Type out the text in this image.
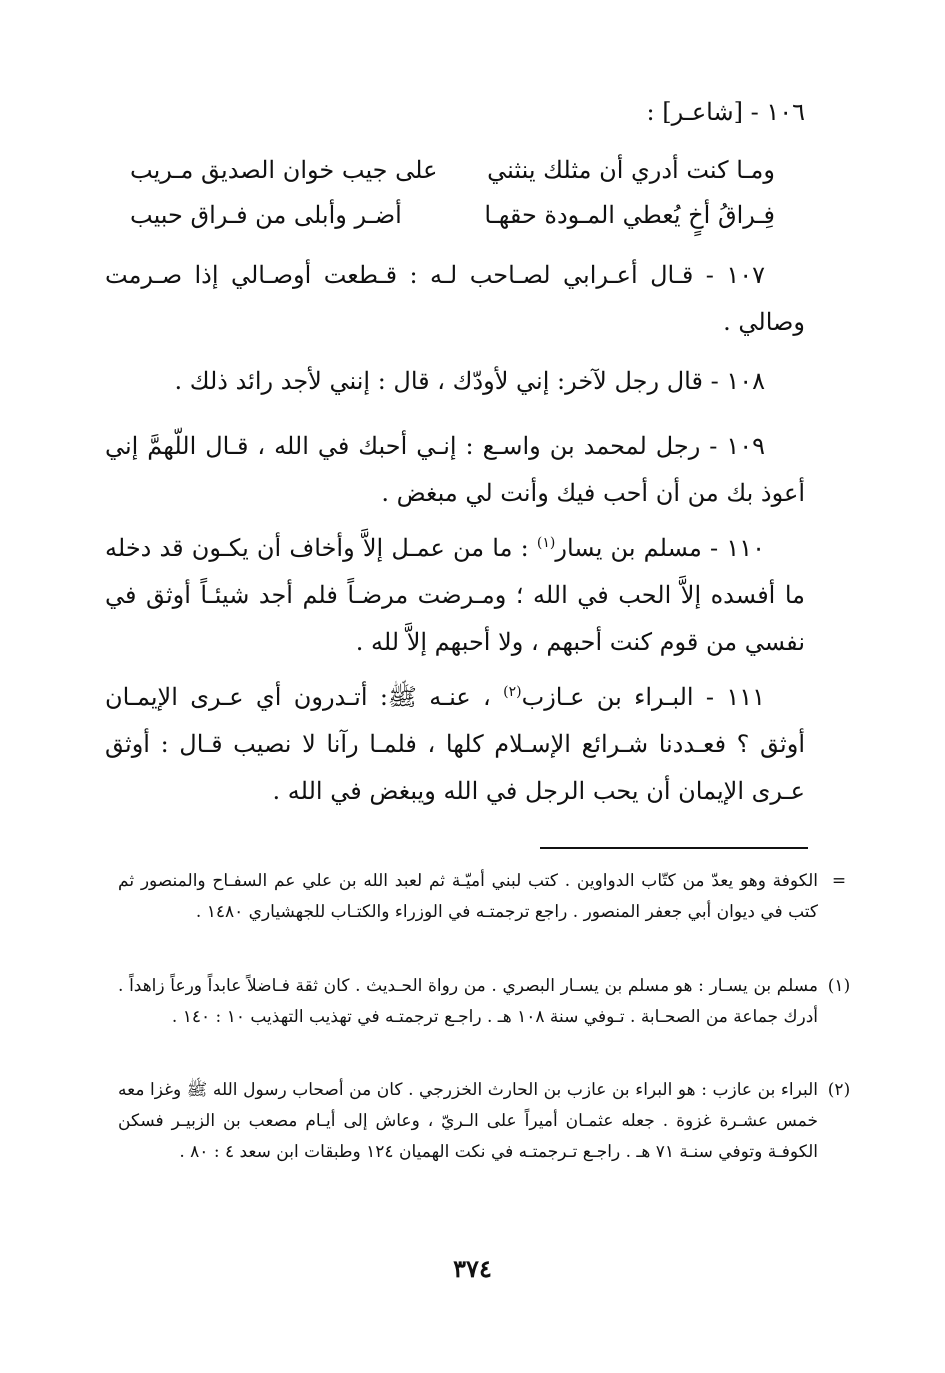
١٠٦ - [شاعـر] :
ومـا كنت أدري أن مثلك ينثني
على جيب خوان الصديق مـريب
فِـراقُ أخٍ يُعطي المـودة حقهـا
أضـر وأبلى من فـراق حبيب

١٠٧ - قـال أعـرابي لصـاحب لـه : قـطعت أوصـالي إذا صـرمت وصالي .

١٠٨ - قال رجل لآخر: إني لأودّك ، قال : إنني لأجد رائد ذلك .

١٠٩ - رجل لمحمد بن واسـع : إنـي أحبك في الله ، قـال اللّهمَّ إني أعوذ بك من أن أحب فيك وأنت لي مبغض .

١١٠ - مسلم بن يسار$^{(١)}$ : ما من عمـل إلاَّ وأخاف أن يكـون قد دخله ما أفسده إلاَّ الحب في الله ؛ ومـرضت مرضـاً فلم أجد شيئـاً أوثق في نفسي من قوم كنت أحبهم ، ولا أحبهم إلاَّ لله .

١١١ - البـراء بن عـازب$^{(٢)}$ ، عنـه ﷺ: أتـدرون أي عـرى الإيمـان أوثق ؟ فعـددنا شـرائع الإسـلام كلها ، فلمـا رآنا لا نصيب قـال : أوثق عـرى الإيمان أن يحب الرجل في الله ويبغض في الله .

=
الكوفة وهو يعدّ من كتّاب الدواوين . كتب لبني أميّـة ثم لعبد الله بن علي عم السفـاح والمنصور ثم كتب في ديوان أبي جعفر المنصور . راجع ترجمتـه في الوزراء والكتـاب للجهشياري ١٤٨٠ .
(١)
مسلم بن يسـار : هو مسلم بن يسـار البصري . من رواة الحـديث . كان ثقة فـاضلاً عابداً ورعاً زاهداً . أدرك جماعة من الصحـابة . تـوفي سنة ١٠٨ هـ . راجـع ترجمتـه في تهذيب التهذيب ١٠ : ١٤٠ .
(٢)
البراء بن عازب : هو البراء بن عازب بن الحارث الخزرجي . كان من أصحاب رسول الله ﷺ وغزا معه خمس عشـرة غزوة . جعله عثمـان أميراً على الـريّ ، وعاش إلى أيـام مصعب بن الزبيـر فسكن الكوفـة وتوفي سنـة ٧١ هـ . راجـع تـرجمتـه في نكت الهميان ١٢٤ وطبقات ابن سعد ٤ : ٨٠ .
٣٧٤
